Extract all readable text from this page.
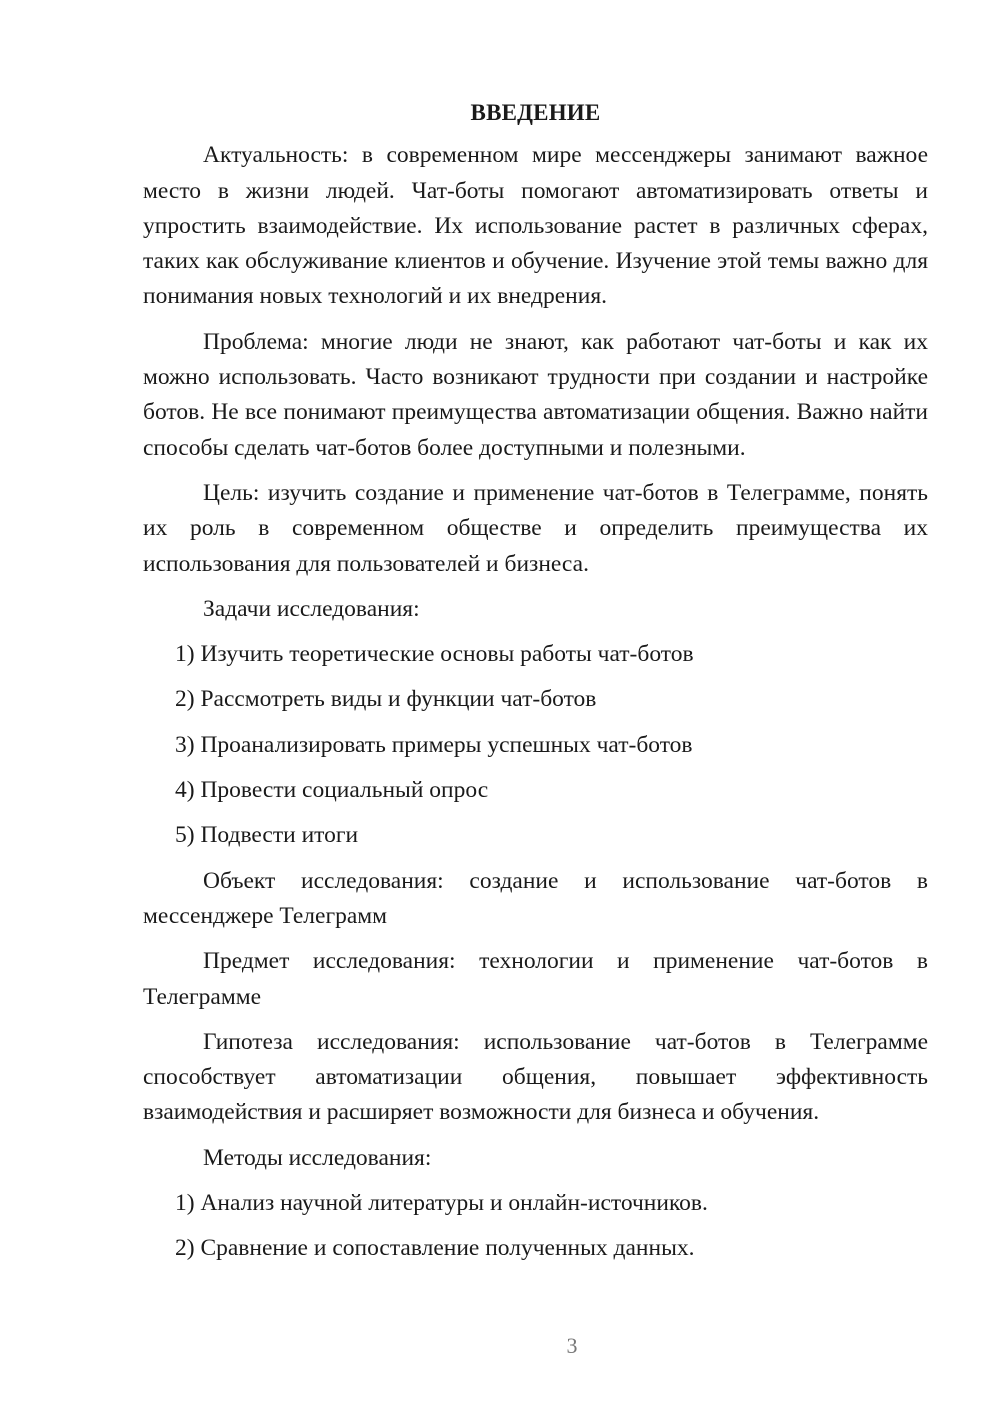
ВВЕДЕНИЕ

Актуальность: в современном мире мессенджеры занимают важное место в жизни людей. Чат-боты помогают автоматизировать ответы и упростить взаимодействие. Их использование растет в различных сферах, таких как обслуживание клиентов и обучение. Изучение этой темы важно для понимания новых технологий и их внедрения.

Проблема: многие люди не знают, как работают чат-боты и как их можно использовать. Часто возникают трудности при создании и настройке ботов. Не все понимают преимущества автоматизации общения. Важно найти способы сделать чат-ботов более доступными и полезными.

Цель: изучить создание и применение чат-ботов в Телеграмме, понять их роль в современном обществе и определить преимущества их использования для пользователей и бизнеса.

Задачи исследования:

1) Изучить теоретические основы работы чат-ботов
2) Рассмотреть виды и функции чат-ботов
3) Проанализировать примеры успешных чат-ботов
4) Провести социальный опрос
5) Подвести итоги

Объект исследования: создание и использование чат-ботов в мессенджере Телеграмм

Предмет исследования: технологии и применение чат-ботов в Телеграмме

Гипотеза исследования: использование чат-ботов в Телеграмме способствует автоматизации общения, повышает эффективность взаимодействия и расширяет возможности для бизнеса и обучения.

Методы исследования:

1) Анализ научной литературы и онлайн-источников.
2) Сравнение и сопоставление полученных данных.
3
